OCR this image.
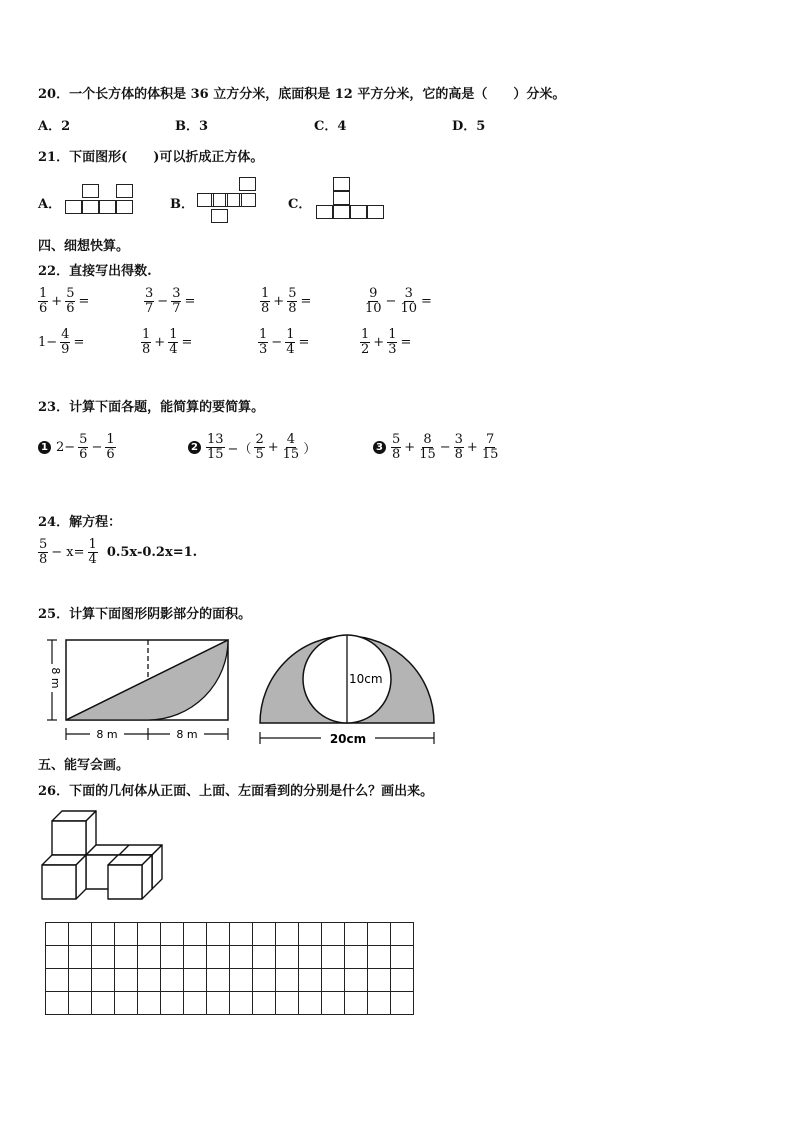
20．一个长方体的体积是 36 立方分米，底面积是 12 平方分米，它的高是（　　）分米。
A．2	B．3	C．4	D．5
21．下面图形(　　)可以折成正方体。
A．	B．	C．
四、细想快算。
22．直接写出得数.
$\frac{1}{6} + \frac{5}{6}$ =	$\frac{3}{7} - \frac{3}{7}$ =	$\frac{1}{8} + \frac{5}{8}$ =	$\frac{9}{10} - \frac{3}{10}$ =
$1- \frac{4}{9}$ =	$\frac{1}{8} + \frac{1}{4}$ =	$\frac{1}{3} - \frac{1}{4}$ =	$\frac{1}{2} + \frac{1}{3}$ =
23．计算下面各题，能简算的要简算。
1 $2- \frac{5}{6} - \frac{1}{6}$	$2 \frac{13}{15}$ −（ $\frac{2}{5} + \frac{4}{15}$ ）	$3 \frac{5}{8} + \frac{8}{15} - \frac{3}{8} + \frac{7}{15}$
24．解方程：
$\frac{5}{8} - x= \frac{1}{4} 0.5x-0.2x=1$.
25．计算下面图形阴影部分的面积。
8 m
8 m	8 m
10cm
20cm
五、能写会画。
26．下面的几何体从正面、上面、左面看到的分别是什么？画出来。
